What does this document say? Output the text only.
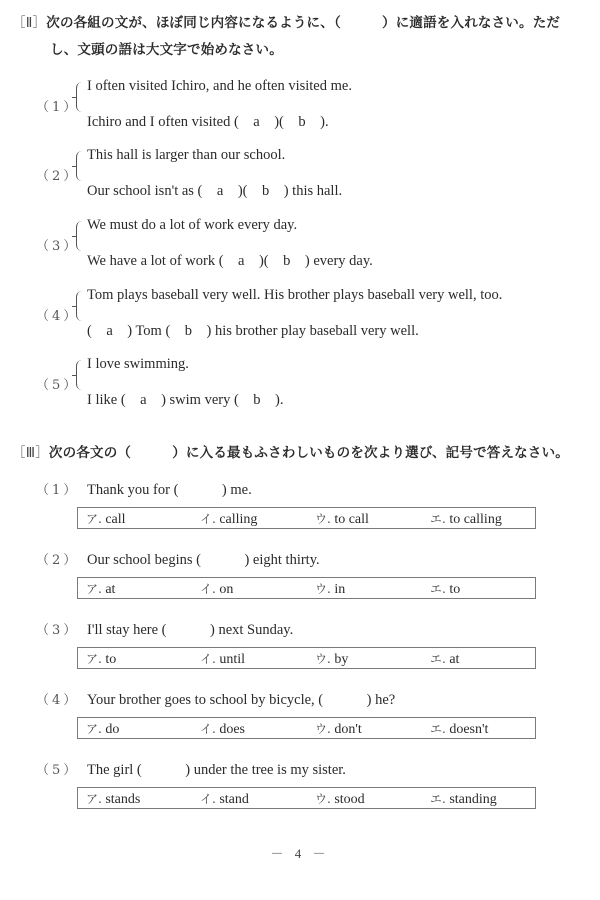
［Ⅱ］次の各組の文が、ほぼ同じ内容になるように、（　　　）に適語を入れなさい。ただ
し、文頭の語は大文字で始めなさい。
（1）
I often visited Ichiro, and he often visited me.
Ichiro and I often visited (　a　)(　b　).
（2）
This hall is larger than our school.
Our school isn't as (　a　)(　b　) this hall.
（3）
We must do a lot of work every day.
We have a lot of work (　a　)(　b　) every day.
（4）
Tom plays baseball very well. His brother plays baseball very well, too.
(　a　) Tom (　b　) his brother play baseball very well.
（5）
I love swimming.
I like (　a　) swim very (　b　).
［Ⅲ］次の各文の（　　　）に入る最もふさわしいものを次より選び、記号で答えなさい。
（1） Thank you for (　　　) me.
ア. call	イ. calling	ウ. to call	エ. to calling
（2） Our school begins (　　　) eight thirty.
ア. at	イ. on	ウ. in	エ. to
（3） I'll stay here (　　　) next Sunday.
ア. to	イ. until	ウ. by	エ. at
（4） Your brother goes to school by bicycle, (　　　) he?
ア. do	イ. does	ウ. don't	エ. doesn't
（5） The girl (　　　) under the tree is my sister.
ア. stands	イ. stand	ウ. stood	エ. standing
－ 4 －
